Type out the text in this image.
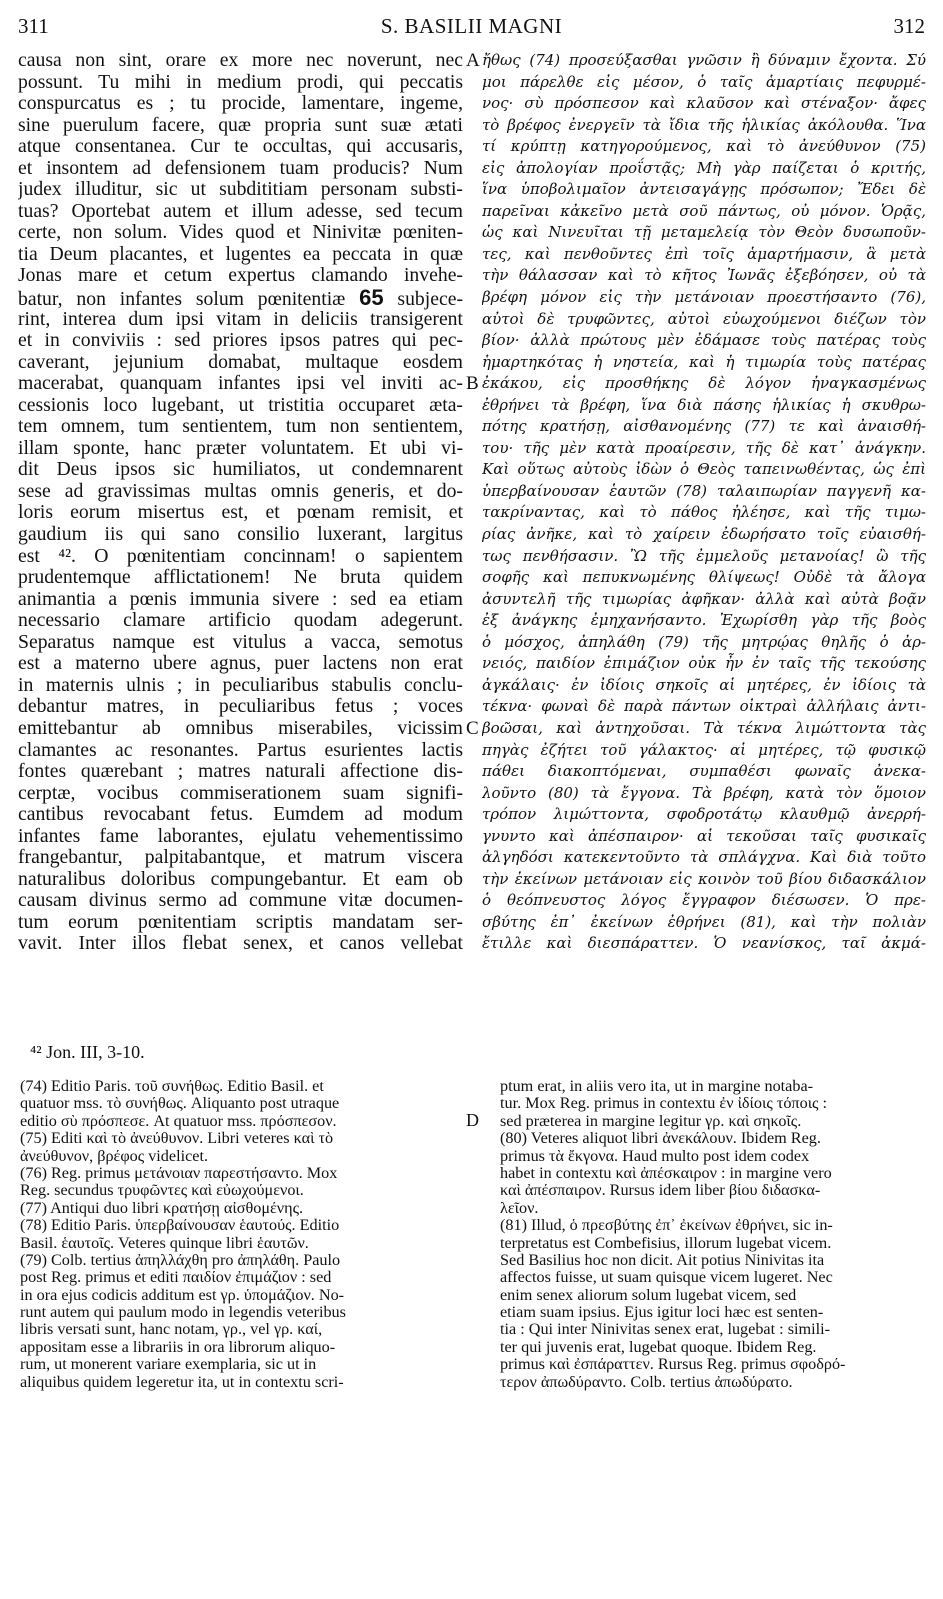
311	S. BASILII MAGNI	312
causa non sint, orare ex more nec noverunt, nec
possunt. Tu mihi in medium prodi, qui peccatis
conspurcatus es ; tu procide, lamentare, ingeme,
sine puerulum facere, quæ propria sunt suæ ætati
atque consentanea. Cur te occultas, qui accusaris,
et insontem ad defensionem tuam producis? Num
judex illuditur, sic ut subdititiam personam substi-
tuas? Oportebat autem et illum adesse, sed tecum
certe, non solum. Vides quod et Ninivitæ pœniten-
tia Deum placantes, et lugentes ea peccata in quæ
Jonas mare et cetum expertus clamando invehe-
batur, non infantes solum pœnitentiæ 65 subjece-
rint, interea dum ipsi vitam in deliciis transigerent
et in conviviis : sed priores ipsos patres qui pec-
caverant, jejunium domabat, multaque eosdem
macerabat, quanquam infantes ipsi vel inviti ac-
cessionis loco lugebant, ut tristitia occuparet æta-
tem omnem, tum sentientem, tum non sentientem,
illam sponte, hanc præter voluntatem. Et ubi vi-
dit Deus ipsos sic humiliatos, ut condemnarent
sese ad gravissimas multas omnis generis, et do-
loris eorum misertus est, et pœnam remisit, et
gaudium iis qui sano consilio luxerant, largitus
est ⁴². O pœnitentiam concinnam! o sapientem
prudentemque afflictationem! Ne bruta quidem
animantia a pœnis immunia sivere : sed ea etiam
necessario clamare artificio quodam adegerunt.
Separatus namque est vitulus a vacca, semotus
est a materno ubere agnus, puer lactens non erat
in maternis ulnis ; in peculiaribus stabulis conclu-
debantur matres, in peculiaribus fetus ; voces
emittebantur ab omnibus miserabiles, vicissim
clamantes ac resonantes. Partus esurientes lactis
fontes quærebant ; matres naturali affectione dis-
cerptæ, vocibus commiserationem suam signifi-
cantibus revocabant fetus. Eumdem ad modum
infantes fame laborantes, ejulatu vehementissimo
frangebantur, palpitabantque, et matrum viscera
naturalibus doloribus compungebantur. Et eam ob
causam divinus sermo ad commune vitæ documen-
tum eorum pœnitentiam scriptis mandatam ser-
vavit. Inter illos flebat senex, et canos vellebat
ἤθως (74) προσεύξασθαι γνῶσιν ἢ δύναμιν ἔχοντα. Σύ
μοι πάρελθε εἰς μέσον, ὁ ταῖς ἁμαρτίαις πεφυρμέ-
νος· σὺ πρόσπεσον καὶ κλαῦσον καὶ στέναξον· ἄφες
τὸ βρέφος ἐνεργεῖν τὰ ἴδια τῆς ἡλικίας ἀκόλουθα. Ἵνα
τί κρύπτῃ κατηγορούμενος, καὶ τὸ ἀνεύθυνον (75)
εἰς ἀπολογίαν προΐστᾷς; Μὴ γὰρ παίζεται ὁ κριτής,
ἵνα ὑποβολιμαῖον ἀντεισαγάγῃς πρόσωπον; Ἔδει δὲ
παρεῖναι κἀκεῖνο μετὰ σοῦ πάντως, οὐ μόνον. Ὁρᾷς,
ὡς καὶ Νινευῖται τῇ μεταμελείᾳ τὸν Θεὸν δυσωποῦν-
τες, καὶ πενθοῦντες ἐπὶ τοῖς ἁμαρτήμασιν, ἃ μετὰ
τὴν θάλασσαν καὶ τὸ κῆτος Ἰωνᾶς ἐξεβόησεν, οὐ τὰ
βρέφη μόνον εἰς τὴν μετάνοιαν προεστήσαντο (76),
αὐτοὶ δὲ τρυφῶντες, αὐτοὶ εὐωχούμενοι διέζων τὸν
βίον· ἀλλὰ πρώτους μὲν ἐδάμασε τοὺς πατέρας τοὺς
ἡμαρτηκότας ἡ νηστεία, καὶ ἡ τιμωρία τοὺς πατέρας
ἐκάκου, εἰς προσθήκης δὲ λόγον ἠναγκασμένως
ἐθρήνει τὰ βρέφη, ἵνα διὰ πάσης ἡλικίας ἡ σκυθρω-
πότης κρατήσῃ, αἰσθανομένης (77) τε καὶ ἀναισθή-
του· τῆς μὲν κατὰ προαίρεσιν, τῆς δὲ κατ᾽ ἀνάγκην.
Καὶ οὕτως αὐτοὺς ἰδὼν ὁ Θεὸς ταπεινωθέντας, ὡς ἐπὶ
ὑπερβαίνουσαν ἑαυτῶν (78) ταλαιπωρίαν παγγενῆ κα-
τακρίναντας, καὶ τὸ πάθος ἠλέησε, καὶ τῆς τιμω-
ρίας ἀνῆκε, καὶ τὸ χαίρειν ἐδωρήσατο τοῖς εὐαισθή-
τως πενθήσασιν. Ὢ τῆς ἐμμελοῦς μετανοίας! ὢ τῆς
σοφῆς καὶ πεπυκνωμένης θλίψεως! Οὐδὲ τὰ ἄλογα
ἀσυντελῆ τῆς τιμωρίας ἀφῆκαν· ἀλλὰ καὶ αὐτὰ βοᾷν
ἐξ ἀνάγκης ἐμηχανήσαντο. Ἐχωρίσθη γὰρ τῆς βοὸς
ὁ μόσχος, ἀπηλάθη (79) τῆς μητρῴας θηλῆς ὁ ἀρ-
νειός, παιδίον ἐπιμάζιον οὐκ ἦν ἐν ταῖς τῆς τεκούσης
ἀγκάλαις· ἐν ἰδίοις σηκοῖς αἱ μητέρες, ἐν ἰδίοις τὰ
τέκνα· φωναὶ δὲ παρὰ πάντων οἰκτραὶ ἀλλήλαις ἀντι-
βοῶσαι, καὶ ἀντηχοῦσαι. Τὰ τέκνα λιμώττοντα τὰς
πηγὰς ἐζήτει τοῦ γάλακτος· αἱ μητέρες, τῷ φυσικῷ
πάθει διακοπτόμεναι, συμπαθέσι φωναῖς ἀνεκα-
λοῦντο (80) τὰ ἔγγονα. Τὰ βρέφη, κατὰ τὸν ὅμοιον
τρόπον λιμώττοντα, σφοδροτάτῳ κλαυθμῷ ἀνερρή-
γνυντο καὶ ἀπέσπαιρον· αἱ τεκοῦσαι ταῖς φυσικαῖς
ἀλγηδόσι κατεκεντοῦντο τὰ σπλάγχνα. Καὶ διὰ τοῦτο
τὴν ἐκείνων μετάνοιαν εἰς κοινὸν τοῦ βίου διδασκάλιον
ὁ θεόπνευστος λόγος ἔγγραφον διέσωσεν. Ὁ πρε-
σβύτης ἐπ᾽ ἐκείνων ἐθρήνει (81), καὶ τὴν πολιὰν
ἔτιλλε καὶ διεσπάραττεν. Ὁ νεανίσκος, ταῖ ἀκμά-
A
B
C
⁴² Jon. III, 3-10.
(74) Editio Paris. τοῦ συνήθως. Editio Basil. et
quatuor mss. τὸ συνήθως. Aliquanto post utraque
editio σὺ πρόσπεσε. At quatuor mss. πρόσπεσον.
(75) Editi καὶ τὸ ἀνεύθυνον. Libri veteres καὶ τὸ
ἀνεύθυνον, βρέφος videlicet.
(76) Reg. primus μετάνοιαν παρεστήσαντο. Mox
Reg. secundus τρυφῶντες καὶ εὐωχούμενοι.
(77) Antiqui duo libri κρατήσῃ αἰσθομένης.
(78) Editio Paris. ὑπερβαίνουσαν ἑαυτούς. Editio
Basil. ἑαυτοῖς. Veteres quinque libri ἑαυτῶν.
(79) Colb. tertius ἀπηλλάχθη pro ἀπηλάθη. Paulo
post Reg. primus et editi παιδίον ἐπιμάζιον : sed
in ora ejus codicis additum est γρ. ὑπομάζιον. No-
runt autem qui paulum modo in legendis veteribus
libris versati sunt, hanc notam, γρ., vel γρ. καί,
appositam esse a librariis in ora librorum aliquo-
rum, ut monerent variare exemplaria, sic ut in
aliquibus quidem legeretur ita, ut in contextu scri-
D
ptum erat, in aliis vero ita, ut in margine notaba-
tur. Mox Reg. primus in contextu ἐν ἰδίοις τόποις :
sed præterea in margine legitur γρ. καὶ σηκοῖς.
(80) Veteres aliquot libri ἀνεκάλουν. Ibidem Reg.
primus τὰ ἔκγονα. Haud multo post idem codex
habet in contextu καὶ ἀπέσκαιρον : in margine vero
καὶ ἀπέσπαιρον. Rursus idem liber βίου διδασκα-
λεῖον.
(81) Illud, ὁ πρεσβύτης ἐπ᾽ ἐκείνων ἐθρήνει, sic in-
terpretatus est Combefisius, illorum lugebat vicem.
Sed Basilius hoc non dicit. Ait potius Ninivitas ita
affectos fuisse, ut suam quisque vicem lugeret. Nec
enim senex aliorum solum lugebat vicem, sed
etiam suam ipsius. Ejus igitur loci hæc est senten-
tia : Qui inter Ninivitas senex erat, lugebat : simili-
ter qui juvenis erat, lugebat quoque. Ibidem Reg.
primus καὶ ἐσπάραττεν. Rursus Reg. primus σφοδρό-
τερον ἀπωδύραντο. Colb. tertius ἀπωδύρατο.
